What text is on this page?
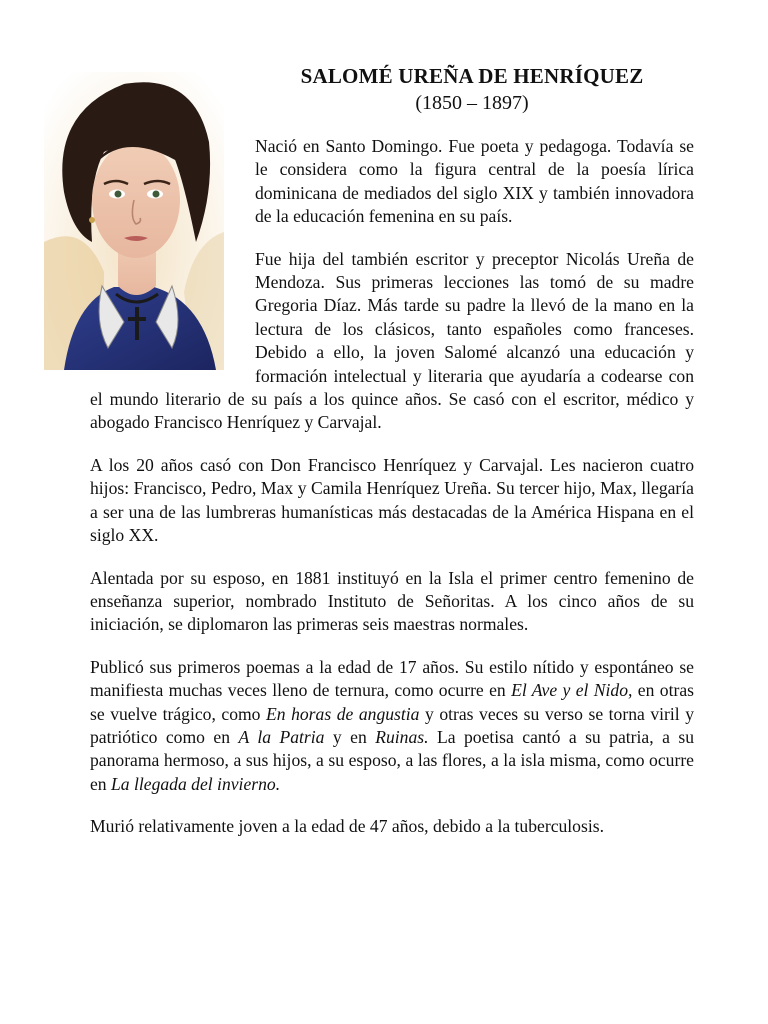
SALOMÉ UREÑA DE HENRÍQUEZ

(1850 – 1897)

Nació en Santo Domingo. Fue poeta y pedagoga. Todavía se le considera como la figura central de la poesía lírica dominicana de mediados del siglo XIX y también innovadora de la educación femenina en su país.

Fue hija del también escritor y preceptor Nicolás Ureña de Mendoza. Sus primeras lecciones las tomó de su madre Gregoria Díaz. Más tarde su padre la llevó de la mano en la lectura de los clásicos, tanto españoles como franceses. Debido a ello, la joven Salomé alcanzó una educación y formación intelectual y literaria que ayudaría a codearse con el mundo literario de su país a los quince años. Se casó con el escritor, médico y abogado Francisco Henríquez y Carvajal.

A los 20 años casó con Don Francisco Henríquez y Carvajal. Les nacieron cuatro hijos: Francisco, Pedro, Max y Camila Henríquez Ureña. Su tercer hijo, Max, llegaría a ser una de las lumbreras humanísticas más destacadas de la América Hispana en el siglo XX.

Alentada por su esposo, en 1881 instituyó en la Isla el primer centro femenino de enseñanza superior, nombrado Instituto de Señoritas. A los cinco años de su iniciación, se diplomaron las primeras seis maestras normales.

Publicó sus primeros poemas a la edad de 17 años. Su estilo nítido y espontáneo se manifiesta muchas veces lleno de ternura, como ocurre en El Ave y el Nido, en otras se vuelve trágico, como En horas de angustia y otras veces su verso se torna viril y patriótico como en A la Patria y en Ruinas. La poetisa cantó a su patria, a su panorama hermoso, a sus hijos, a su esposo, a las flores, a la isla misma, como ocurre en La llegada del invierno.

Murió relativamente joven a la edad de 47 años, debido a la tuberculosis.
